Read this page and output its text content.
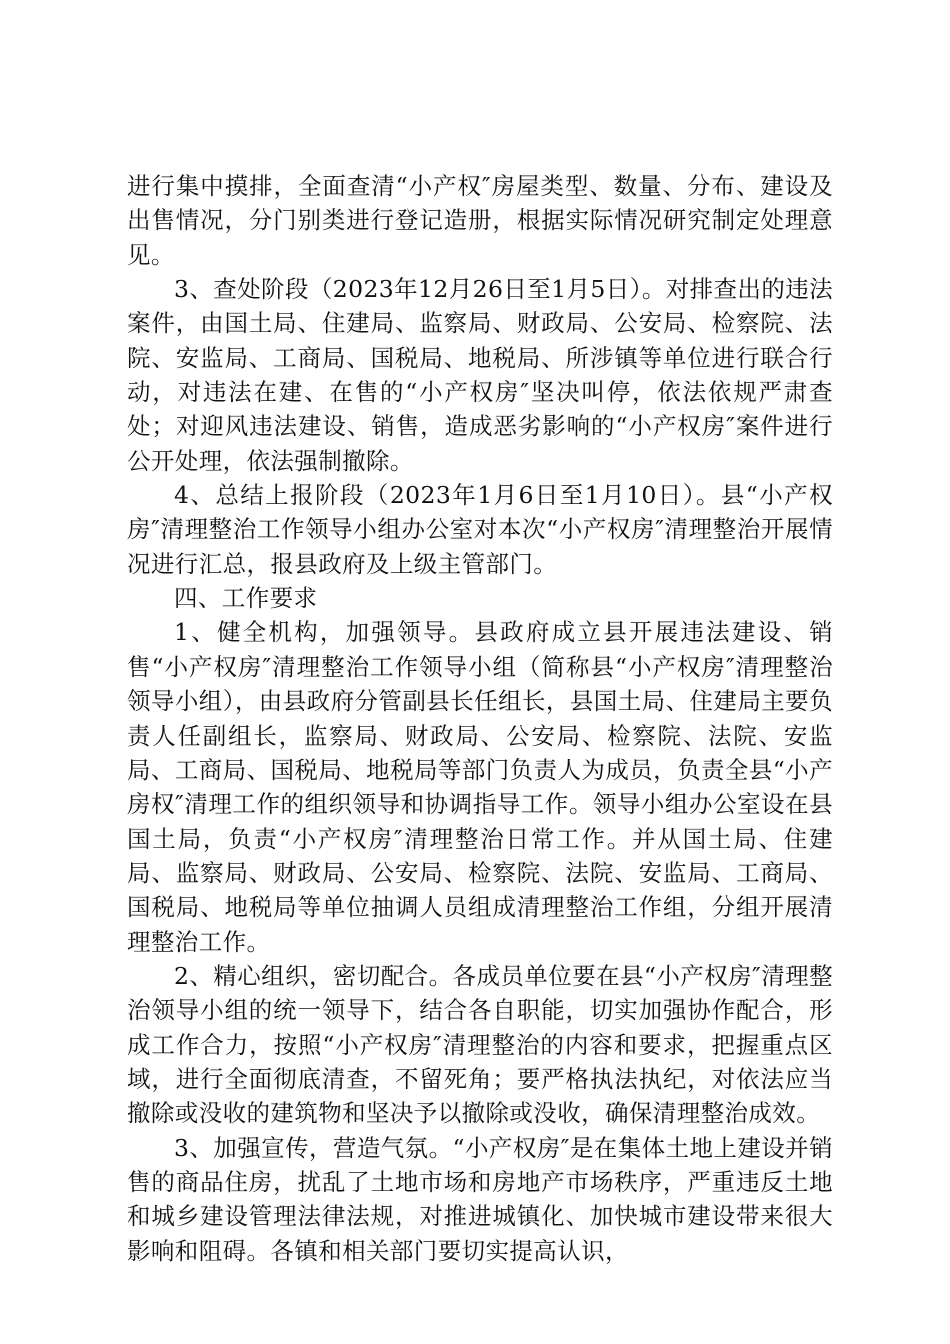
进行集中摸排，全面查清“小产权″房屋类型、数量、分布、建设及出售情况，分门别类进行登记造册，根据实际情况研究制定处理意见。

3、查处阶段（2023年12月26日至1月5日）。对排查出的违法案件，由国土局、住建局、监察局、财政局、公安局、检察院、法院、安监局、工商局、国税局、地税局、所涉镇等单位进行联合行动，对违法在建、在售的“小产权房″坚决叫停，依法依规严肃查处；对迎风违法建设、销售，造成恶劣影响的“小产权房″案件进行公开处理，依法强制撤除。

4、总结上报阶段（2023年1月6日至1月10日）。县“小产权房″清理整治工作领导小组办公室对本次“小产权房″清理整治开展情况进行汇总，报县政府及上级主管部门。

四、工作要求

1、健全机构，加强领导。县政府成立县开展违法建设、销售“小产权房″清理整治工作领导小组（简称县“小产权房″清理整治领导小组），由县政府分管副县长任组长，县国土局、住建局主要负责人任副组长，监察局、财政局、公安局、检察院、法院、安监局、工商局、国税局、地税局等部门负责人为成员，负责全县“小产房权″清理工作的组织领导和协调指导工作。领导小组办公室设在县国土局，负责“小产权房″清理整治日常工作。并从国土局、住建局、监察局、财政局、公安局、检察院、法院、安监局、工商局、国税局、地税局等单位抽调人员组成清理整治工作组，分组开展清理整治工作。

2、精心组织，密切配合。各成员单位要在县“小产权房″清理整治领导小组的统一领导下，结合各自职能，切实加强协作配合，形成工作合力，按照“小产权房″清理整治的内容和要求，把握重点区域，进行全面彻底清查，不留死角；要严格执法执纪，对依法应当撤除或没收的建筑物和坚决予以撤除或没收，确保清理整治成效。

3、加强宣传，营造气氛。“小产权房″是在集体土地上建设并销售的商品住房，扰乱了土地市场和房地产市场秩序，严重违反土地和城乡建设管理法律法规，对推进城镇化、加快城市建设带来很大影响和阻碍。各镇和相关部门要切实提高认识，
